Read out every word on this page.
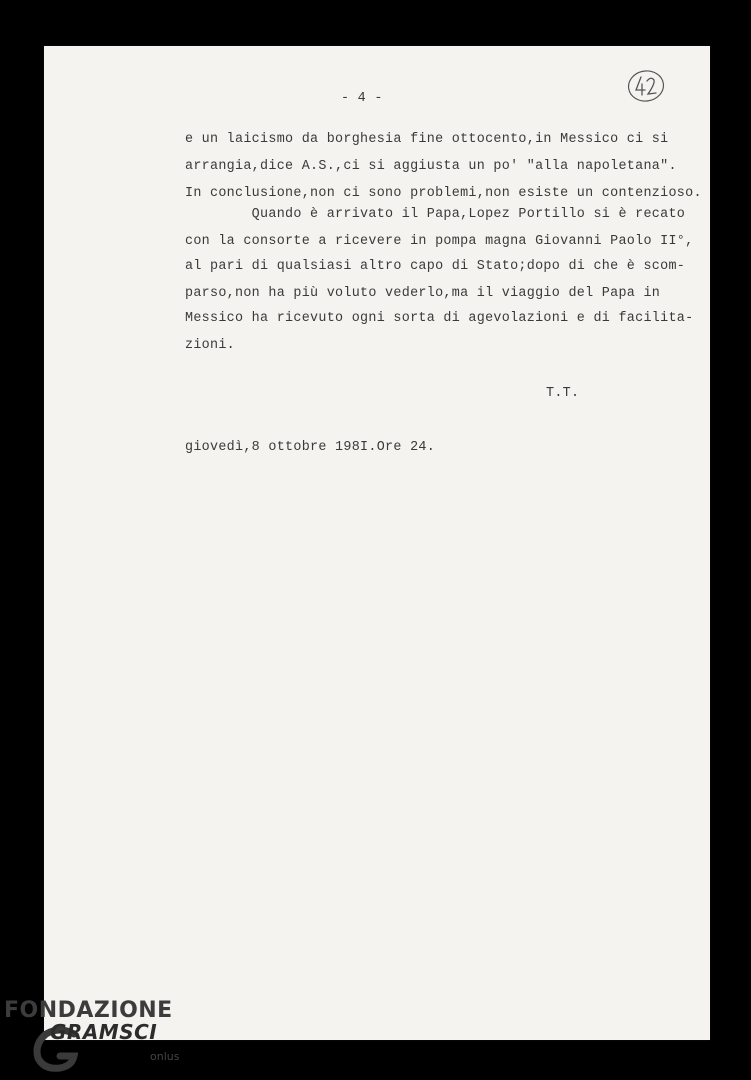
- 4 -
e un laicismo da borghesia fine ottocento,in Messico ci si
arrangia,dice A.S.,ci si aggiusta un po' "alla napoletana".
In conclusione,non ci sono problemi,non esiste un contenzioso.
Quando è arrivato il Papa,Lopez Portillo si è recato
con la consorte a ricevere in pompa magna Giovanni Paolo II°,
al pari di qualsiasi altro capo di Stato;dopo di che è scom-
parso,non ha più voluto vederlo,ma il viaggio del Papa in
Messico ha ricevuto ogni sorta di agevolazioni e di facilita-
zioni.
T.T.
giovedì,8 ottobre 198I.Ore 24.
FONDAZIONE
GRAMSCI
onlus
